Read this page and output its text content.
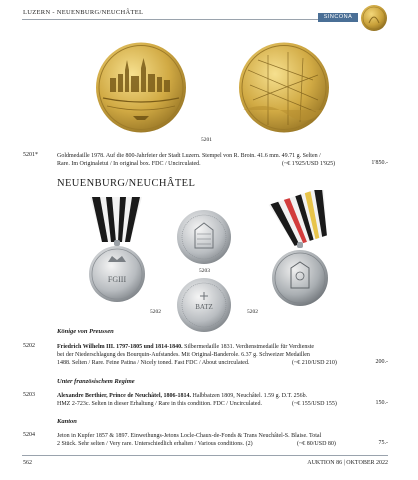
LUZERN - NEUENBURG/NEUCHÂTEL
SINCONA
5201
5201*	Goldmedaille 1978. Auf die 800-Jahrfeier der Stadt Luzern. Stempel von R. Broin. 41.6 mm. 49.71 g. Selten /
Rare. Im Originaletui / In original box. FDC / Uncirculated.	(~€ 1'925/USD 1'925)	1'850.-
NEUENBURG/NEUCHÂTEL
FGIII
5203
BATZ
5202	5202
Könige von Preussen
5202	Friedrich Wilhelm III. 1797-1805 und 1814-1840. Silbermedaille 1831. Verdienstmedaille für Verdienste
bei der Niederschlagung des Bourquin-Aufstandes. Mit Original-Banderole. 6.37 g. Schweizer Medaillen
1488. Selten / Rare. Feine Patina / Nicely toned. Fast FDC / About uncirculated.	(~€ 210/USD 210)	200.-
Unter französischem Regime
5203	Alexandre Berthier, Prince de Neuchâtel, 1806-1814. Halbbatzen 1809, Neuchâtel. 1.59 g. D.T. 256b.
HMZ 2-723c. Selten in dieser Erhaltung / Rare in this condition. FDC / Uncirculated.	(~€ 155/USD 155)	150.-
Kanton
5204	Jeton in Kupfer 1857 & 1897. Einweihungs-Jetons Locle-Chaux-de-Fonds & Trans Neuchâtel-S. Blaise. Total
2 Stück. Sehr selten / Very rare. Unterschiedlich erhalten / Various conditions. (2)	(~€ 80/USD 80)	75.-
562	AUKTION 86 | OKTOBER 2022
